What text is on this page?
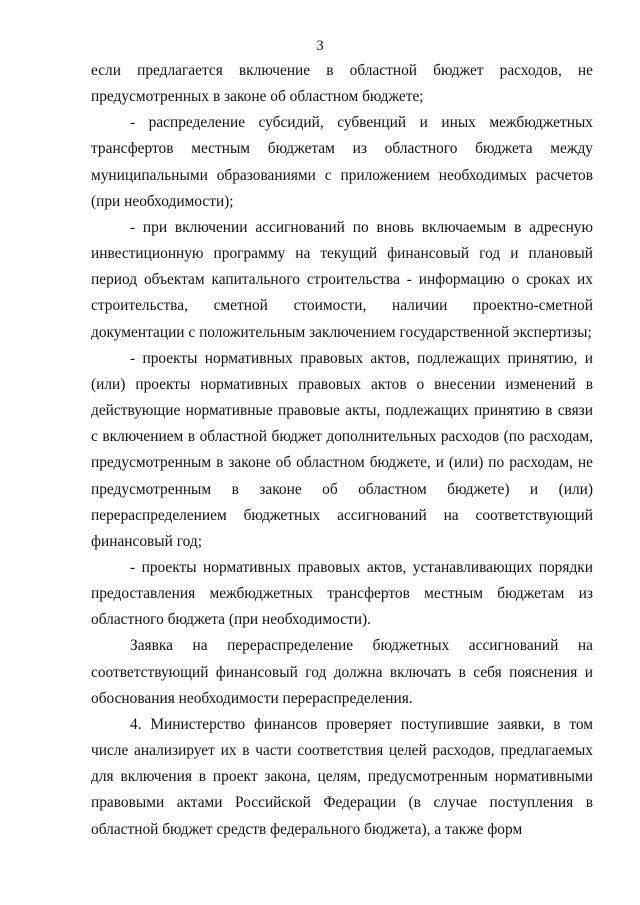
3

если предлагается включение в областной бюджет расходов, не предусмотренных в законе об областном бюджете;

- распределение субсидий, субвенций и иных межбюджетных трансфертов местным бюджетам из областного бюджета между муниципальными образованиями с приложением необходимых расчетов (при необходимости);

- при включении ассигнований по вновь включаемым в адресную инвестиционную программу на текущий финансовый год и плановый период объектам капитального строительства - информацию о сроках их строительства, сметной стоимости, наличии проектно-сметной документации с положительным заключением государственной экспертизы;

- проекты нормативных правовых актов, подлежащих принятию, и (или) проекты нормативных правовых актов о внесении изменений в действующие нормативные правовые акты, подлежащих принятию в связи с включением в областной бюджет дополнительных расходов (по расходам, предусмотренным в законе об областном бюджете, и (или) по расходам, не предусмотренным в законе об областном бюджете) и (или) перераспределением бюджетных ассигнований на соответствующий финансовый год;

- проекты нормативных правовых актов, устанавливающих порядки предоставления межбюджетных трансфертов местным бюджетам из областного бюджета (при необходимости).

Заявка на перераспределение бюджетных ассигнований на соответствующий финансовый год должна включать в себя пояснения и обоснования необходимости перераспределения.

4. Министерство финансов проверяет поступившие заявки, в том числе анализирует их в части соответствия целей расходов, предлагаемых для включения в проект закона, целям, предусмотренным нормативными правовыми актами Российской Федерации (в случае поступления в областной бюджет средств федерального бюджета), а также форм
